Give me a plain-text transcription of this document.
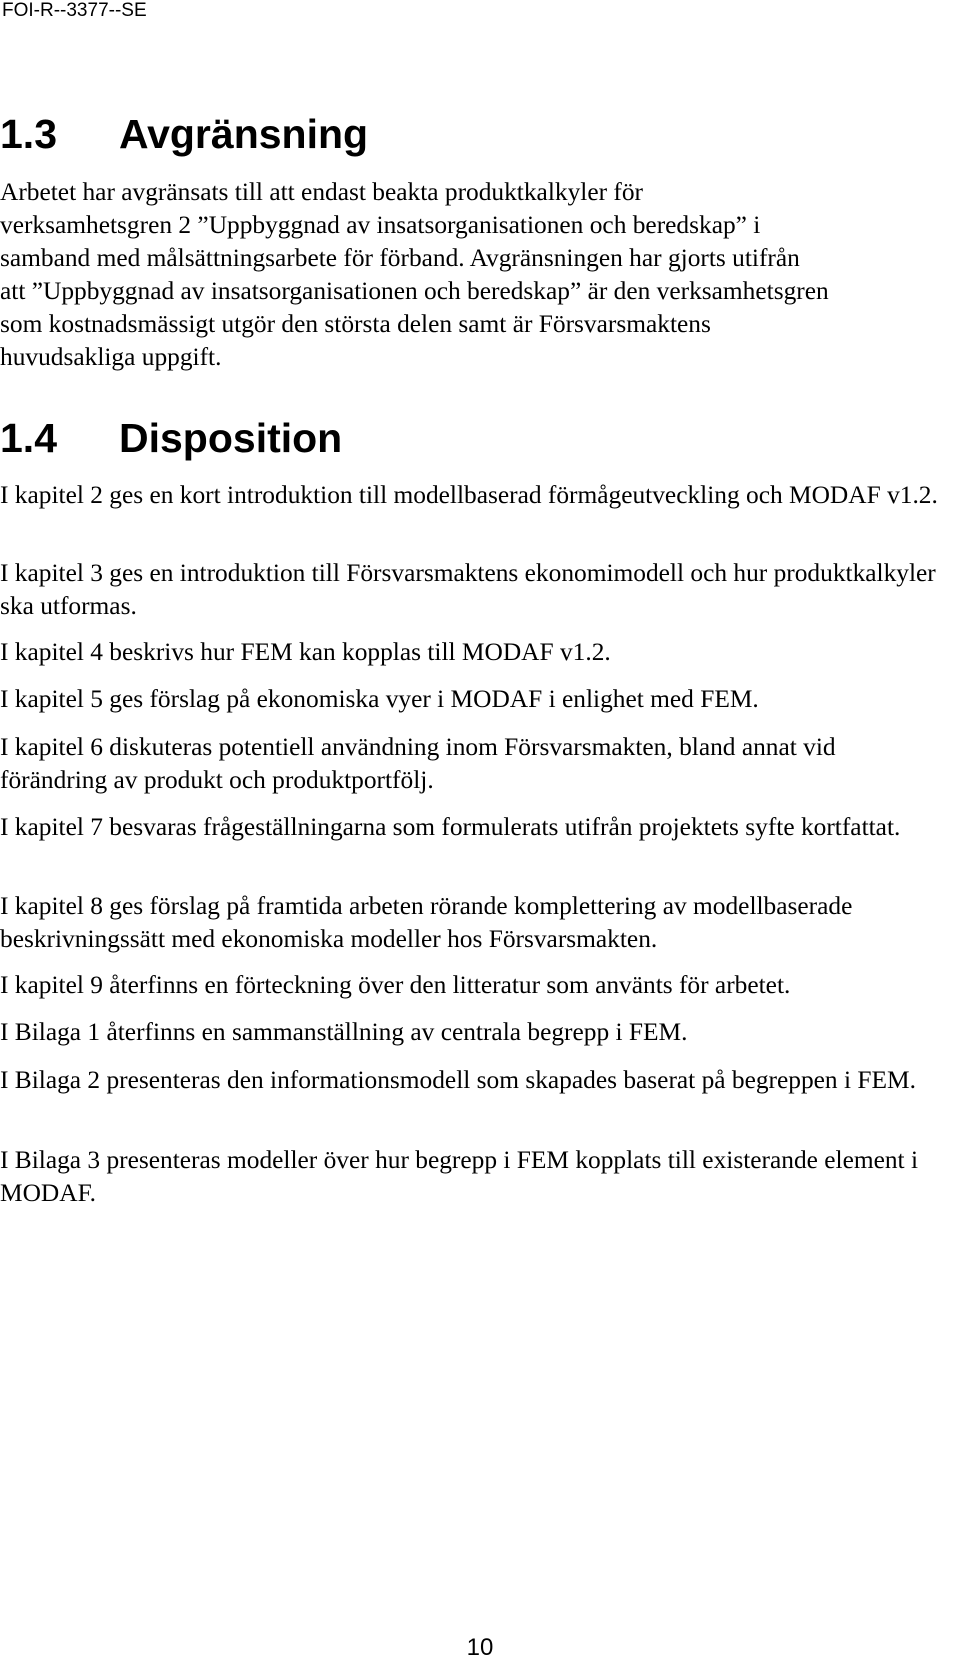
FOI-R--3377--SE
1.3 Avgränsning
Arbetet har avgränsats till att endast beakta produktkalkyler för
verksamhetsgren 2 ”Uppbyggnad av insatsorganisationen och beredskap” i
samband med målsättningsarbete för förband. Avgränsningen har gjorts utifrån
att ”Uppbyggnad av insatsorganisationen och beredskap” är den verksamhetsgren
som kostnadsmässigt utgör den största delen samt är Försvarsmaktens
huvudsakliga uppgift.
1.4 Disposition

I kapitel 2 ges en kort introduktion till modellbaserad förmågeutveckling och MODAF v1.2.

I kapitel 3 ges en introduktion till Försvarsmaktens ekonomimodell och hur produktkalkyler ska utformas.

I kapitel 4 beskrivs hur FEM kan kopplas till MODAF v1.2.

I kapitel 5 ges förslag på ekonomiska vyer i MODAF i enlighet med FEM.

I kapitel 6 diskuteras potentiell användning inom Försvarsmakten, bland annat vid förändring av produkt och produktportfölj.

I kapitel 7 besvaras frågeställningarna som formulerats utifrån projektets syfte kortfattat.

I kapitel 8 ges förslag på framtida arbeten rörande komplettering av modellbaserade beskrivningssätt med ekonomiska modeller hos Försvarsmakten.

I kapitel 9 återfinns en förteckning över den litteratur som använts för arbetet.

I Bilaga 1 återfinns en sammanställning av centrala begrepp i FEM.

I Bilaga 2 presenteras den informationsmodell som skapades baserat på begreppen i FEM.

I Bilaga 3 presenteras modeller över hur begrepp i FEM kopplats till existerande element i MODAF.

10
